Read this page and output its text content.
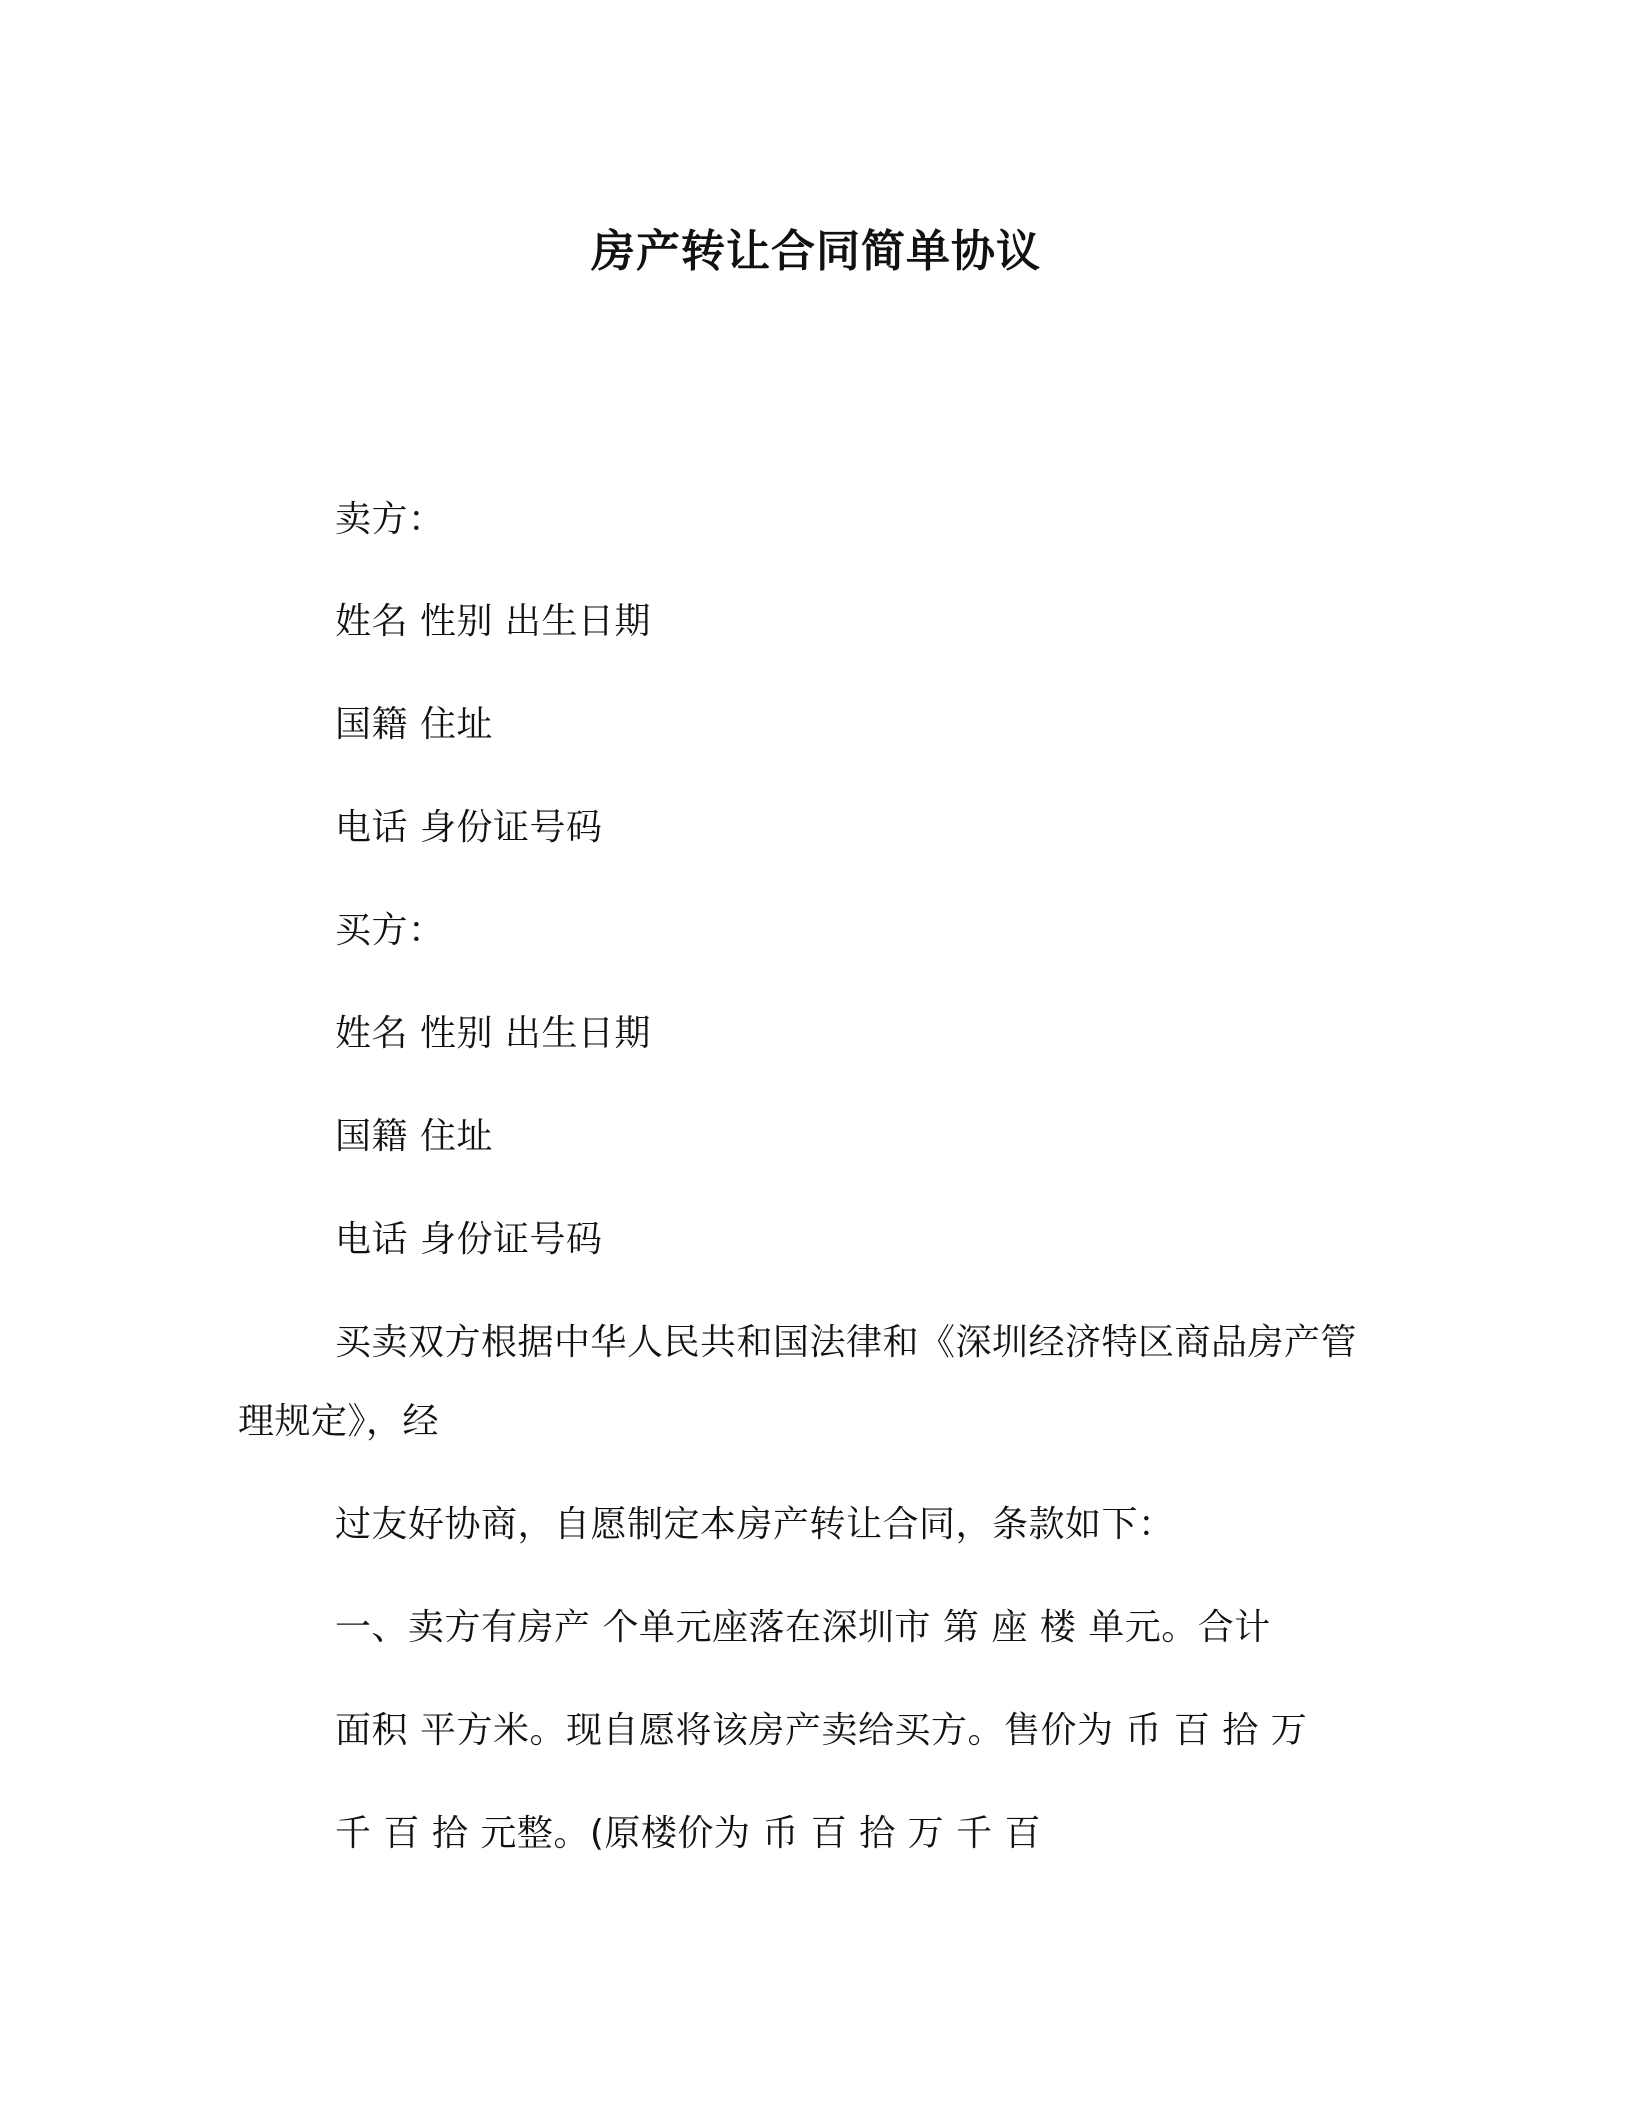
房产转让合同简单协议
卖方：
姓名 性别 出生日期
国籍 住址
电话 身份证号码
买方：
姓名 性别 出生日期
国籍 住址
电话 身份证号码
买卖双方根据中华人民共和国法律和《深圳经济特区商品房产管
理规定》，经
过友好协商，自愿制定本房产转让合同，条款如下：
一、卖方有房产 个单元座落在深圳市 第 座 楼 单元。合计
面积 平方米。现自愿将该房产卖给买方。售价为 币 百 拾 万
千 百 拾 元整。(原楼价为 币 百 拾 万 千 百
